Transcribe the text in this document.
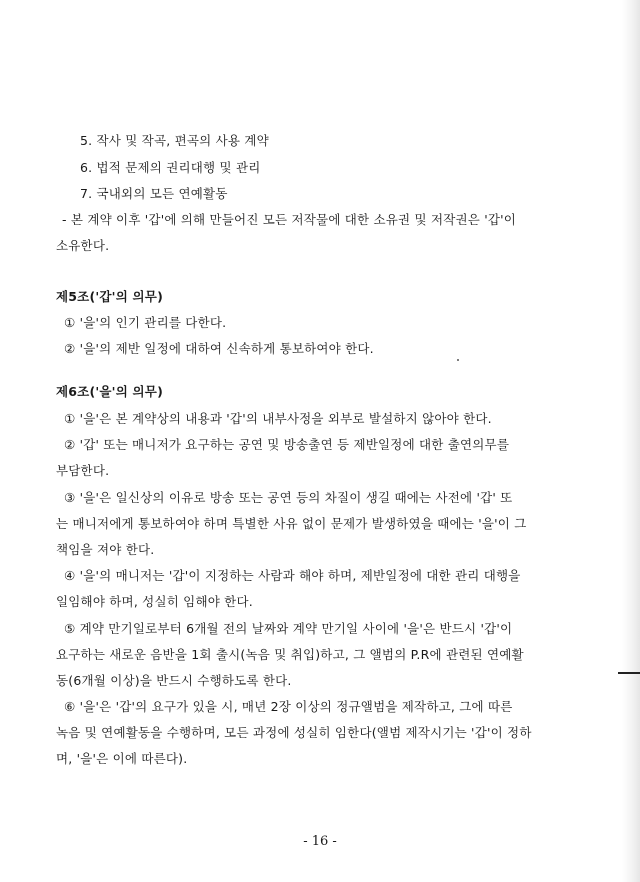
5. 작사 및 작곡, 편곡의 사용 계약
6. 법적 문제의 권리대행 및 관리
7. 국내외의 모든 연예활동
- 본 계약 이후 '갑'에 의해 만들어진 모든 저작물에 대한 소유권 및 저작권은 '갑'이
소유한다.
제5조('갑'의 의무)
① '을'의 인기 관리를 다한다.
② '을'의 제반 일정에 대하여 신속하게 통보하여야 한다.
제6조('을'의 의무)
① '을'은 본 계약상의 내용과 '갑'의 내부사정을 외부로 발설하지 않아야 한다.
② '갑' 또는 매니저가 요구하는 공연 및 방송출연 등 제반일정에 대한 출연의무를
부담한다.
③ '을'은 일신상의 이유로 방송 또는 공연 등의 차질이 생길 때에는 사전에 '갑' 또
는 매니저에게 통보하여야 하며 특별한 사유 없이 문제가 발생하였을 때에는 '을'이 그
책임을 져야 한다.
④ '을'의 매니저는 '갑'이 지정하는 사람과 해야 하며, 제반일정에 대한 관리 대행을
일임해야 하며, 성실히 임해야 한다.
⑤ 계약 만기일로부터 6개월 전의 날짜와 계약 만기일 사이에 '을'은 반드시 '갑'이
요구하는 새로운 음반을 1회 출시(녹음 및 취입)하고, 그 앨범의 P.R에 관련된 연예활
동(6개월 이상)을 반드시 수행하도록 한다.
⑥ '을'은 '갑'의 요구가 있을 시, 매년 2장 이상의 정규앨범을 제작하고, 그에 따른
녹음 및 연예활동을 수행하며, 모든 과정에 성실히 임한다(앨범 제작시기는 '갑'이 정하
며, '을'은 이에 따른다).
- 16 -
